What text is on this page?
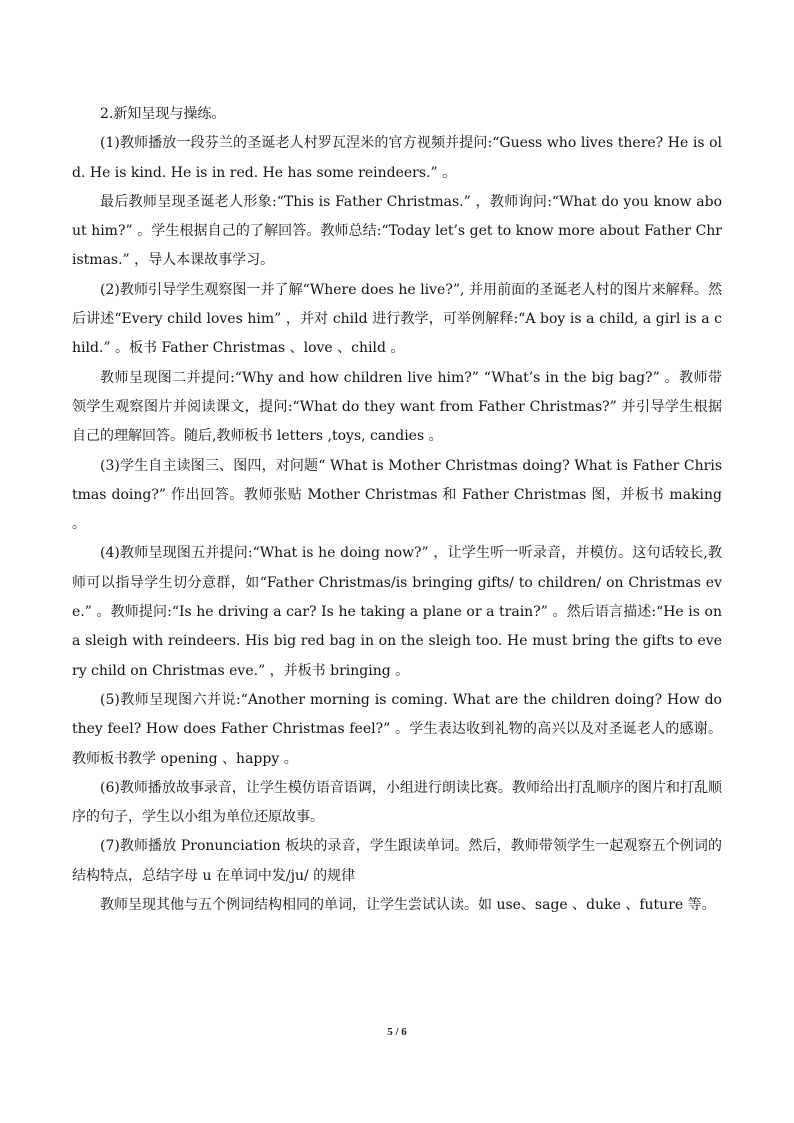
2.新知呈现与操练。

(1)教师播放一段芬兰的圣诞老人村罗瓦涅米的官方视频并提问:“Guess who lives there? He is old. He is kind. He is in red. He has some reindeers.” 。

最后教师呈现圣诞老人形象:“This is Father Christmas.” ，教师询问:“What do you know about him?” 。学生根据自己的了解回答。教师总结:“Today let’s get to know more about Father Christmas.” ，导人本课故事学习。

(2)教师引导学生观察图一并了解“Where does he live?”, 并用前面的圣诞老人村的图片来解释。然后讲述“Every child loves him” ，并对 child 进行教学，可举例解释:“A boy is a child, a girl is a child.” 。板书 Father Christmas 、love 、child 。

教师呈现图二并提问:“Why and how children live him?” “What’s in the big bag?” 。教师带领学生观察图片并阅读课文，提问:“What do they want from Father Christmas?” 并引导学生根据自己的理解回答。随后,教师板书 letters ,toys, candies 。

(3)学生自主读图三、图四，对问题“ What is Mother Christmas doing? What is Father Christmas doing?” 作出回答。教师张贴 Mother Christmas 和 Father Christmas 图，并板书 making 。

(4)教师呈现图五并提问:“What is he doing now?” ，让学生听一听录音，并模仿。这句话较长,教师可以指导学生切分意群，如“Father Christmas/is bringing gifts/ to children/ on Christmas eve.” 。教师提问:“Is he driving a car? Is he taking a plane or a train?” 。然后语言描述:“He is on a sleigh with reindeers. His big red bag in on the sleigh too. He must bring the gifts to every child on Christmas eve.” ，并板书 bringing 。

(5)教师呈现图六并说:“Another morning is coming. What are the children doing? How do they feel? How does Father Christmas feel?” 。学生表达收到礼物的高兴以及对圣诞老人的感谢。教师板书教学 opening 、happy 。

(6)教师播放故事录音，让学生模仿语音语调，小组进行朗读比赛。教师给出打乱顺序的图片和打乱顺序的句子，学生以小组为单位还原故事。

(7)教师播放 Pronunciation 板块的录音，学生跟读单词。然后，教师带领学生一起观察五个例词的结构特点，总结字母 u 在单词中发/ju/ 的规律

教师呈现其他与五个例词结构相同的单词，让学生尝试认读。如 use、sage 、duke 、future 等。

5 / 6
